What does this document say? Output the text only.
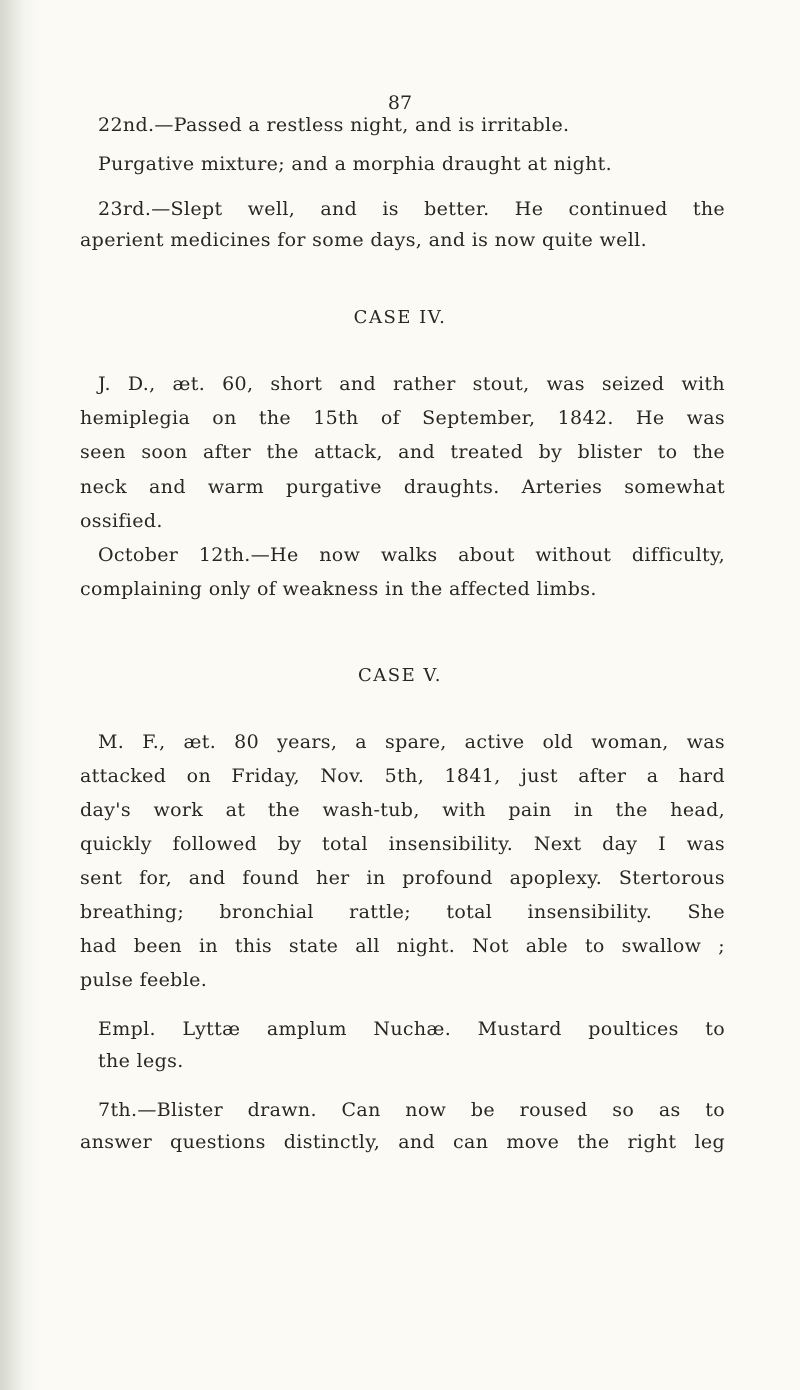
87
22nd.—Passed a restless night, and is irritable.
Purgative mixture; and a morphia draught at night.
23rd.—Slept well, and is better. He continued the
aperient medicines for some days, and is now quite well.
CASE IV.
J. D., æt. 60, short and rather stout, was seized with
hemiplegia on the 15th of September, 1842. He was
seen soon after the attack, and treated by blister to the
neck and warm purgative draughts. Arteries somewhat
ossified.
October 12th.—He now walks about without difficulty,
complaining only of weakness in the affected limbs.
CASE V.
M. F., æt. 80 years, a spare, active old woman, was
attacked on Friday, Nov. 5th, 1841, just after a hard
day's work at the wash-tub, with pain in the head,
quickly followed by total insensibility. Next day I was
sent for, and found her in profound apoplexy. Stertorous
breathing; bronchial rattle; total insensibility. She
had been in this state all night. Not able to swallow ;
pulse feeble.
Empl. Lyttæ amplum Nuchæ. Mustard poultices to
the legs.
7th.—Blister drawn. Can now be roused so as to
answer questions distinctly, and can move the right leg
